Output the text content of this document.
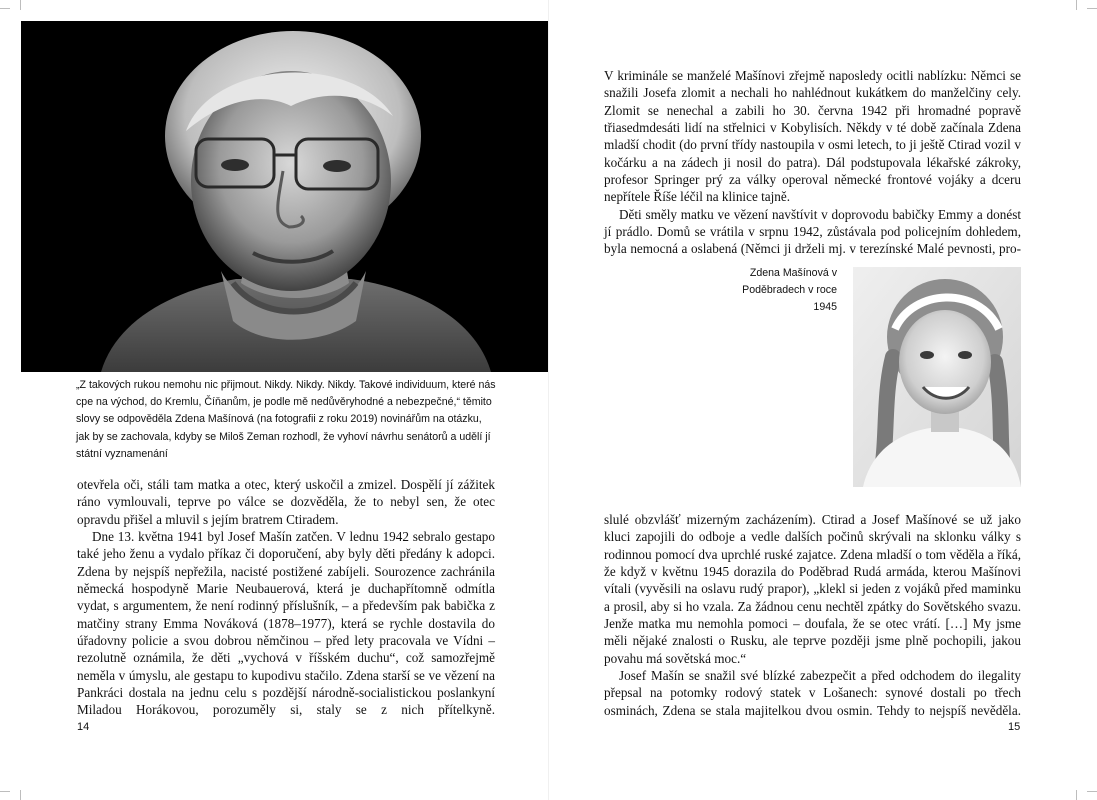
„Z takových rukou nemohu nic přijmout. Nikdy. Nikdy. Nikdy. Takové individuum, které nás cpe na východ, do Kremlu, Číňanům, je podle mě nedůvěryhodné a nebezpečné,“ těmito slovy se odpověděla Zdena Mašínová (na fotografii z roku 2019) novinářům na otázku, jak by se zachovala, kdyby se Miloš Zeman rozhodl, že vyhoví návrhu senátorů a udělí jí státní vyznamenání

otevřela oči, stáli tam matka a otec, který uskočil a zmizel. Dospělí jí zážitek ráno vymlouvali, teprve po válce se dozvěděla, že to nebyl sen, že otec opravdu přišel a mluvil s jejím bratrem Ctiradem.

Dne 13. května 1941 byl Josef Mašín zatčen. V lednu 1942 sebralo gestapo také jeho ženu a vydalo příkaz či doporučení, aby byly děti předány k adopci. Zdena by nejspíš nepřežila, nacisté postižené zabíjeli. Sourozence zachránila německá hospodyně Marie Neubauerová, která je duchapřítomně odmítla vydat, s argumentem, že není rodinný příslušník, – a především pak babička z matčiny strany Emma Nováková (1878–1977), která se rychle dostavila do úřadovny policie a svou dobrou němčinou – před lety pracovala ve Vídni – rezolutně oznámila, že děti „vychová v říšském duchu“, což samozřejmě neměla v úmyslu, ale gestapu to kupodivu stačilo. Zdena starší se ve vězení na Pankráci dostala na jednu celu s pozdější národně-socialistickou poslankyní Miladou Horákovou, porozuměly si, staly se z nich přítelkyně.

14

V kriminále se manželé Mašínovi zřejmě naposledy ocitli nablízku: Němci se snažili Josefa zlomit a nechali ho nahlédnout kukátkem do manželčiny cely. Zlomit se nenechal a zabili ho 30. června 1942 při hromadné popravě třiasedmdesáti lidí na střelnici v Kobylisích. Někdy v té době začínala Zdena mladší chodit (do první třídy nastoupila v osmi letech, to ji ještě Ctirad vozil v kočárku a na zádech ji nosil do patra). Dál podstupovala lékařské zákroky, profesor Springer prý za války operoval německé frontové vojáky a dceru nepřítele Říše léčil na klinice tajně.

Děti směly matku ve vězení navštívit v doprovodu babičky Emmy a donést jí prádlo. Domů se vrátila v srpnu 1942, zůstávala pod policejním dohledem, byla nemocná a oslabená (Němci ji drželi mj. v terezínské Malé pevnosti, pro-

Zdena Mašínová v Poděbradech v roce 1945

slulé obzvlášť mizerným zacházením). Ctirad a Josef Mašínové se už jako kluci zapojili do odboje a vedle dalších počinů skrývali na sklonku války s rodinnou pomocí dva uprchlé ruské zajatce. Zdena mladší o tom věděla a říká, že když v květnu 1945 dorazila do Poděbrad Rudá armáda, kterou Mašínovi vítali (vyvěsili na oslavu rudý prapor), „klekl si jeden z vojáků před maminku a prosil, aby si ho vzala. Za žádnou cenu nechtěl zpátky do Sovětského svazu. Jenže matka mu nemohla pomoci – doufala, že se otec vrátí. […] My jsme měli nějaké znalosti o Rusku, ale teprve později jsme plně pochopili, jakou povahu má sovětská moc.“

Josef Mašín se snažil své blízké zabezpečit a před odchodem do ilegality přepsal na potomky rodový statek v Lošanech: synové dostali po třech osminách, Zdena se stala majitelkou dvou osmin. Tehdy to nejspíš nevěděla.

15
